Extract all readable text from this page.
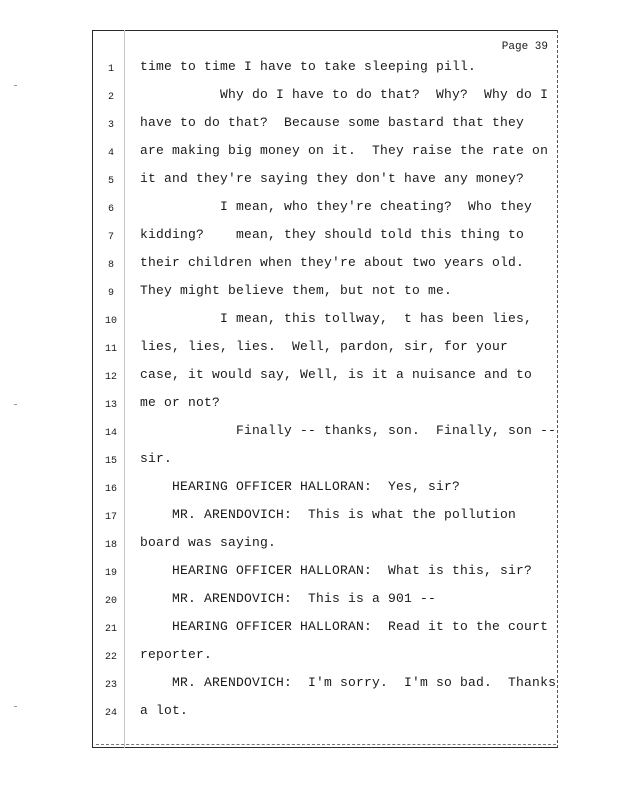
Page 39
1	time to time I have to take sleeping pill.
2	Why do I have to do that?  Why?  Why do I
3	have to do that?  Because some bastard that they
4	are making big money on it.  They raise the rate on
5	it and they're saying they don't have any money?
6	I mean, who they're cheating?  Who they
7	kidding?    mean, they should told this thing to
8	their children when they're about two years old.
9	They might believe them, but not to me.
10	I mean, this tollway,  t has been lies,
11	lies, lies, lies.  Well, pardon, sir, for your
12	case, it would say, Well, is it a nuisance and to
13	me or not?
14	Finally -- thanks, son.  Finally, son --
15	sir.
16	HEARING OFFICER HALLORAN:  Yes, sir?
17	MR. ARENDOVICH:  This is what the pollution
18	board was saying.
19	HEARING OFFICER HALLORAN:  What is this, sir?
20	MR. ARENDOVICH:  This is a 901 --
21	HEARING OFFICER HALLORAN:  Read it to the court
22	reporter.
23	MR. ARENDOVICH:  I'm sorry.  I'm so bad.  Thanks
24	a lot.
